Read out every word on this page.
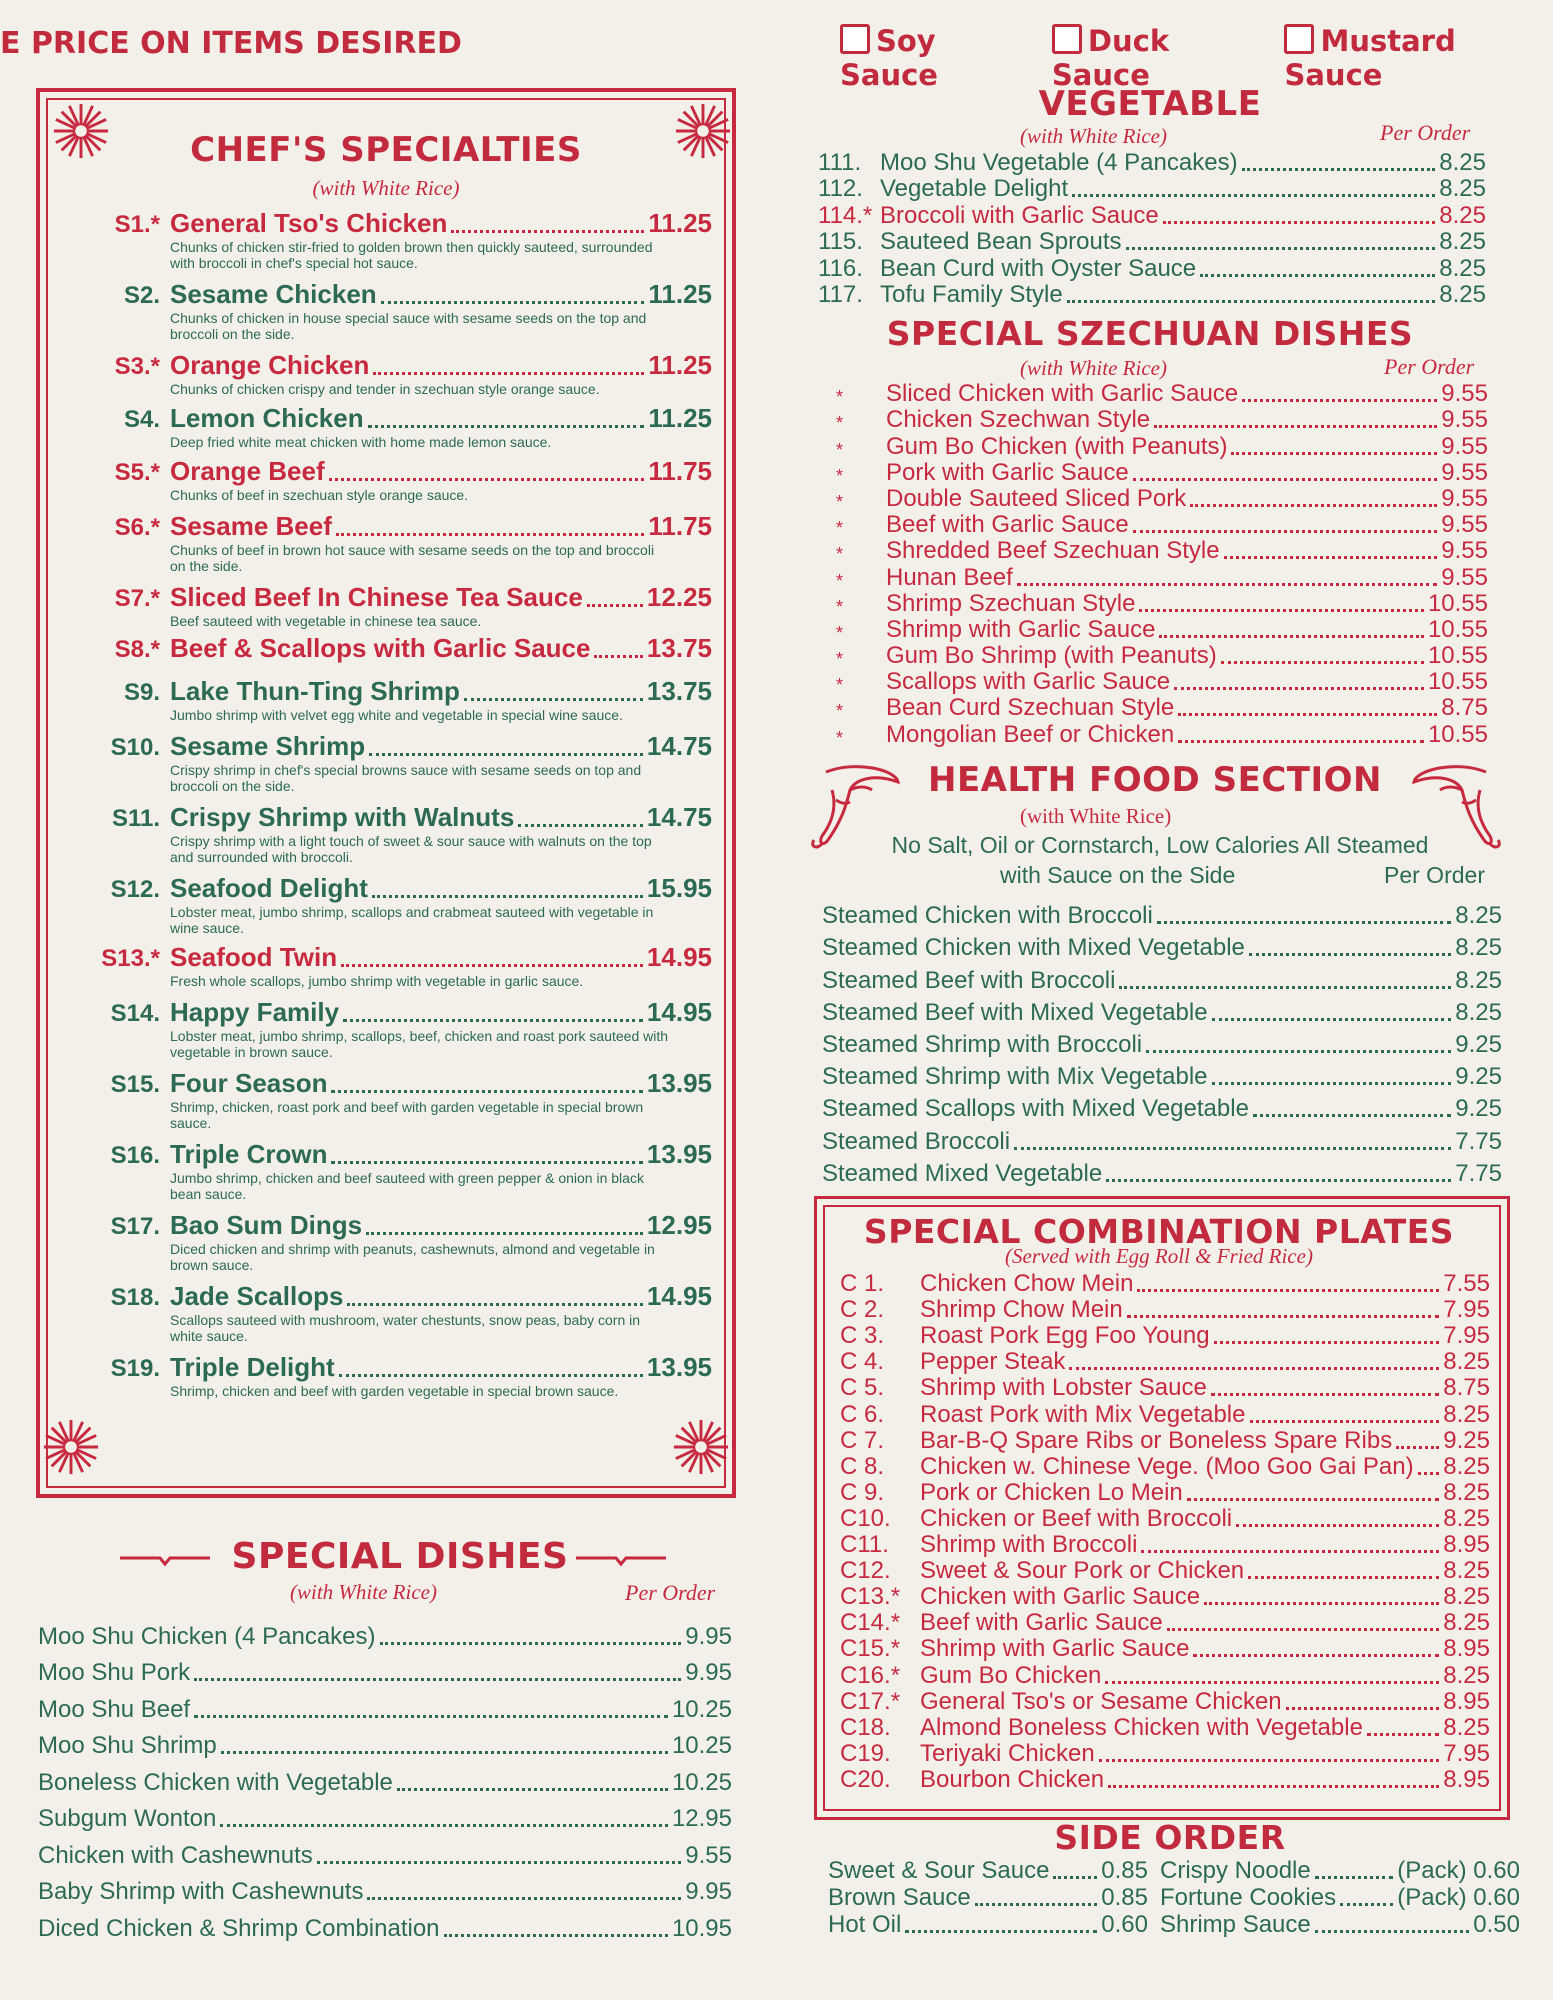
E PRICE ON ITEMS DESIRED	Soy Sauce
Duck Sauce
Mustard Sauce
CHEF'S SPECIALTIES
(with White Rice)
S1.* General Tso's Chicken	11.25
Chunks of chicken stir-fried to golden brown then quickly sauteed, surrounded with broccoli in chef's special hot sauce.
S2. Sesame Chicken	11.25
Chunks of chicken in house special sauce with sesame seeds on the top and broccoli on the side.
S3.* Orange Chicken	11.25
Chunks of chicken crispy and tender in szechuan style orange sauce.
S4. Lemon Chicken	11.25
Deep fried white meat chicken with home made lemon sauce.
S5.* Orange Beef	11.75
Chunks of beef in szechuan style orange sauce.
S6.* Sesame Beef	11.75
Chunks of beef in brown hot sauce with sesame seeds on the top and broccoli on the side.
S7.* Sliced Beef In Chinese Tea Sauce 12.25
Beef sauteed with vegetable in chinese tea sauce.
S8.* Beef & Scallops with Garlic Sauce 13.75
S9. Lake Thun-Ting Shrimp	13.75
Jumbo shrimp with velvet egg white and vegetable in special wine sauce.
S10. Sesame Shrimp	14.75
Crispy shrimp in chef's special browns sauce with sesame seeds on top and broccoli on the side.
S11. Crispy Shrimp with Walnuts	14.75
Crispy shrimp with a light touch of sweet & sour sauce with walnuts on the top and surrounded with broccoli.
S12. Seafood Delight	15.95
Lobster meat, jumbo shrimp, scallops and crabmeat sauteed with vegetable in wine sauce.
S13.* Seafood Twin	14.95
Fresh whole scallops, jumbo shrimp with vegetable in garlic sauce.
S14. Happy Family	14.95
Lobster meat, jumbo shrimp, scallops, beef, chicken and roast pork sauteed with vegetable in brown sauce.
S15. Four Season	13.95
Shrimp, chicken, roast pork and beef with garden vegetable in special brown sauce.
S16. Triple Crown	13.95
Jumbo shrimp, chicken and beef sauteed with green pepper & onion in black bean sauce.
S17. Bao Sum Dings	12.95
Diced chicken and shrimp with peanuts, cashewnuts, almond and vegetable in brown sauce.
S18. Jade Scallops	14.95
Scallops sauteed with mushroom, water chestunts, snow peas, baby corn in white sauce.
S19. Triple Delight	13.95
Shrimp, chicken and beef with garden vegetable in special brown sauce.
SPECIAL DISHES
(with White Rice)	Per Order
Moo Shu Chicken (4 Pancakes)	9.95
Moo Shu Pork	9.95
Moo Shu Beef	10.25
Moo Shu Shrimp	10.25
Boneless Chicken with Vegetable	10.25
Subgum Wonton	12.95
Chicken with Cashewnuts	9.55
Baby Shrimp with Cashewnuts	9.95
Diced Chicken & Shrimp Combination	10.95
VEGETABLE
(with White Rice)	Per Order
111. Moo Shu Vegetable (4 Pancakes)	8.25
112. Vegetable Delight	8.25
114.* Broccoli with Garlic Sauce	8.25
115. Sauteed Bean Sprouts	8.25
116. Bean Curd with Oyster Sauce	8.25
117. Tofu Family Style	8.25
SPECIAL SZECHUAN DISHES
(with White Rice)	Per Order
*	Sliced Chicken with Garlic Sauce	9.55
*	Chicken Szechwan Style	9.55
*	Gum Bo Chicken (with Peanuts)	9.55
*	Pork with Garlic Sauce	9.55
*	Double Sauteed Sliced Pork	9.55
*	Beef with Garlic Sauce	9.55
*	Shredded Beef Szechuan Style	9.55
*	Hunan Beef	9.55
*	Shrimp Szechuan Style	10.55
*	Shrimp with Garlic Sauce	10.55
*	Gum Bo Shrimp (with Peanuts)	10.55
*	Scallops with Garlic Sauce	10.55
*	Bean Curd Szechuan Style	8.75
*	Mongolian Beef or Chicken	10.55
HEALTH FOOD SECTION
(with White Rice)
No Salt, Oil or Cornstarch, Low Calories All Steamed
with Sauce on the Side	Per Order
Steamed Chicken with Broccoli	8.25
Steamed Chicken with Mixed Vegetable	8.25
Steamed Beef with Broccoli	8.25
Steamed Beef with Mixed Vegetable	8.25
Steamed Shrimp with Broccoli	9.25
Steamed Shrimp with Mix Vegetable	9.25
Steamed Scallops with Mixed Vegetable	9.25
Steamed Broccoli	7.75
Steamed Mixed Vegetable	7.75
SPECIAL COMBINATION PLATES
(Served with Egg Roll & Fried Rice)
C 1.	Chicken Chow Mein	7.55
C 2.	Shrimp Chow Mein	7.95
C 3.	Roast Pork Egg Foo Young	7.95
C 4.	Pepper Steak	8.25
C 5.	Shrimp with Lobster Sauce	8.75
C 6.	Roast Pork with Mix Vegetable	8.25
C 7.	Bar-B-Q Spare Ribs or Boneless Spare Ribs 9.25
C 8.	Chicken w. Chinese Vege. (Moo Goo Gai Pan) 8.25
C 9.	Pork or Chicken Lo Mein	8.25
C10.	Chicken or Beef with Broccoli	8.25
C11.	Shrimp with Broccoli	8.95
C12.	Sweet & Sour Pork or Chicken	8.25
C13.* Chicken with Garlic Sauce	8.25
C14.* Beef with Garlic Sauce	8.25
C15.* Shrimp with Garlic Sauce	8.95
C16.* Gum Bo Chicken	8.25
C17.* General Tso's or Sesame Chicken	8.95
C18.	Almond Boneless Chicken with Vegetable	8.25
C19.	Teriyaki Chicken	7.95
C20.	Bourbon Chicken	8.95
SIDE ORDER
Sweet & Sour Sauce 0.85 Crispy Noodle	(Pack) 0.60
Brown Sauce	0.85 Fortune Cookies	(Pack) 0.60
Hot Oil	0.60 Shrimp Sauce	0.50
